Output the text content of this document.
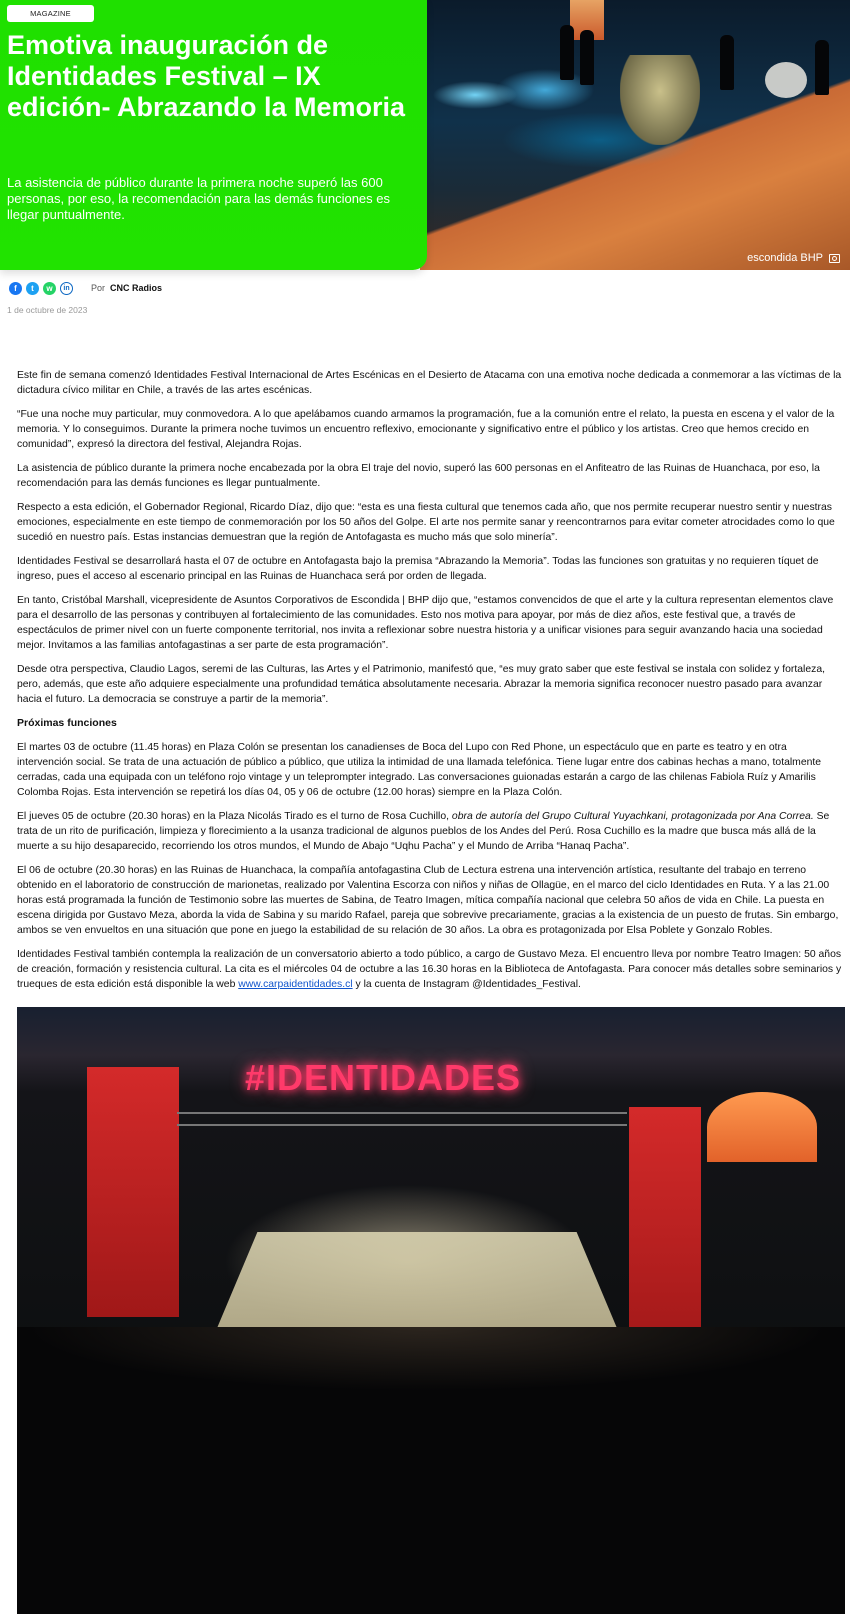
MAGAZINE
Emotiva inauguración de Identidades Festival – IX edición- Abrazando la Memoria

La asistencia de público durante la primera noche superó las 600 personas, por eso, la recomendación para las demás funciones es llegar puntualmente.

escondida BHP
f	t	w	in	Por CNC Radios
1 de octubre de 2023

Este fin de semana comenzó Identidades Festival Internacional de Artes Escénicas en el Desierto de Atacama con una emotiva noche dedicada a conmemorar a las víctimas de la dictadura cívico militar en Chile, a través de las artes escénicas.

“Fue una noche muy particular, muy conmovedora. A lo que apelábamos cuando armamos la programación, fue a la comunión entre el relato, la puesta en escena y el valor de la memoria. Y lo conseguimos. Durante la primera noche tuvimos un encuentro reflexivo, emocionante y significativo entre el público y los artistas. Creo que hemos crecido en comunidad”, expresó la directora del festival, Alejandra Rojas.

La asistencia de público durante la primera noche encabezada por la obra El traje del novio, superó las 600 personas en el Anfiteatro de las Ruinas de Huanchaca, por eso, la recomendación para las demás funciones es llegar puntualmente.

Respecto a esta edición, el Gobernador Regional, Ricardo Díaz, dijo que: “esta es una fiesta cultural que tenemos cada año, que nos permite recuperar nuestro sentir y nuestras emociones, especialmente en este tiempo de conmemoración por los 50 años del Golpe. El arte nos permite sanar y reencontrarnos para evitar cometer atrocidades como lo que sucedió en nuestro país. Estas instancias demuestran que la región de Antofagasta es mucho más que solo minería”.

Identidades Festival se desarrollará hasta el 07 de octubre en Antofagasta bajo la premisa “Abrazando la Memoria”. Todas las funciones son gratuitas y no requieren tíquet de ingreso, pues el acceso al escenario principal en las Ruinas de Huanchaca será por orden de llegada.

En tanto, Cristóbal Marshall, vicepresidente de Asuntos Corporativos de Escondida | BHP dijo que, “estamos convencidos de que el arte y la cultura representan elementos clave para el desarrollo de las personas y contribuyen al fortalecimiento de las comunidades. Esto nos motiva para apoyar, por más de diez años, este festival que, a través de espectáculos de primer nivel con un fuerte componente territorial, nos invita a reflexionar sobre nuestra historia y a unificar visiones para seguir avanzando hacia una sociedad mejor. Invitamos a las familias antofagastinas a ser parte de esta programación”.

Desde otra perspectiva, Claudio Lagos, seremi de las Culturas, las Artes y el Patrimonio, manifestó que, “es muy grato saber que este festival se instala con solidez y fortaleza, pero, además, que este año adquiere especialmente una profundidad temática absolutamente necesaria. Abrazar la memoria significa reconocer nuestro pasado para avanzar hacia el futuro. La democracia se construye a partir de la memoria”.

Próximas funciones

El martes 03 de octubre (11.45 horas) en Plaza Colón se presentan los canadienses de Boca del Lupo con Red Phone, un espectáculo que en parte es teatro y en otra intervención social. Se trata de una actuación de público a público, que utiliza la intimidad de una llamada telefónica. Tiene lugar entre dos cabinas hechas a mano, totalmente cerradas, cada una equipada con un teléfono rojo vintage y un teleprompter integrado. Las conversaciones guionadas estarán a cargo de las chilenas Fabiola Ruíz y Amarilis Colomba Rojas. Esta intervención se repetirá los días 04, 05 y 06 de octubre (12.00 horas) siempre en la Plaza Colón.

El jueves 05 de octubre (20.30 horas) en la Plaza Nicolás Tirado es el turno de Rosa Cuchillo, obra de autoría del Grupo Cultural Yuyachkani, protagonizada por Ana Correa. Se trata de un rito de purificación, limpieza y florecimiento a la usanza tradicional de algunos pueblos de los Andes del Perú. Rosa Cuchillo es la madre que busca más allá de la muerte a su hijo desaparecido, recorriendo los otros mundos, el Mundo de Abajo “Uqhu Pacha” y el Mundo de Arriba “Hanaq Pacha”.

El 06 de octubre (20.30 horas) en las Ruinas de Huanchaca, la compañía antofagastina Club de Lectura estrena una intervención artística, resultante del trabajo en terreno obtenido en el laboratorio de construcción de marionetas, realizado por Valentina Escorza con niños y niñas de Ollagüe, en el marco del ciclo Identidades en Ruta. Y a las 21.00 horas está programada la función de Testimonio sobre las muertes de Sabina, de Teatro Imagen, mítica compañía nacional que celebra 50 años de vida en Chile. La puesta en escena dirigida por Gustavo Meza, aborda la vida de Sabina y su marido Rafael, pareja que sobrevive precariamente, gracias a la existencia de un puesto de frutas. Sin embargo, ambos se ven envueltos en una situación que pone en juego la estabilidad de su relación de 30 años. La obra es protagonizada por Elsa Poblete y Gonzalo Robles.

Identidades Festival también contempla la realización de un conversatorio abierto a todo público, a cargo de Gustavo Meza. El encuentro lleva por nombre Teatro Imagen: 50 años de creación, formación y resistencia cultural. La cita es el miércoles 04 de octubre a las 16.30 horas en la Biblioteca de Antofagasta. Para conocer más detalles sobre seminarios y trueques de esta edición está disponible la web www.carpaidentidades.cl y la cuenta de Instagram @Identidades_Festival.

#IDENTIDADES
